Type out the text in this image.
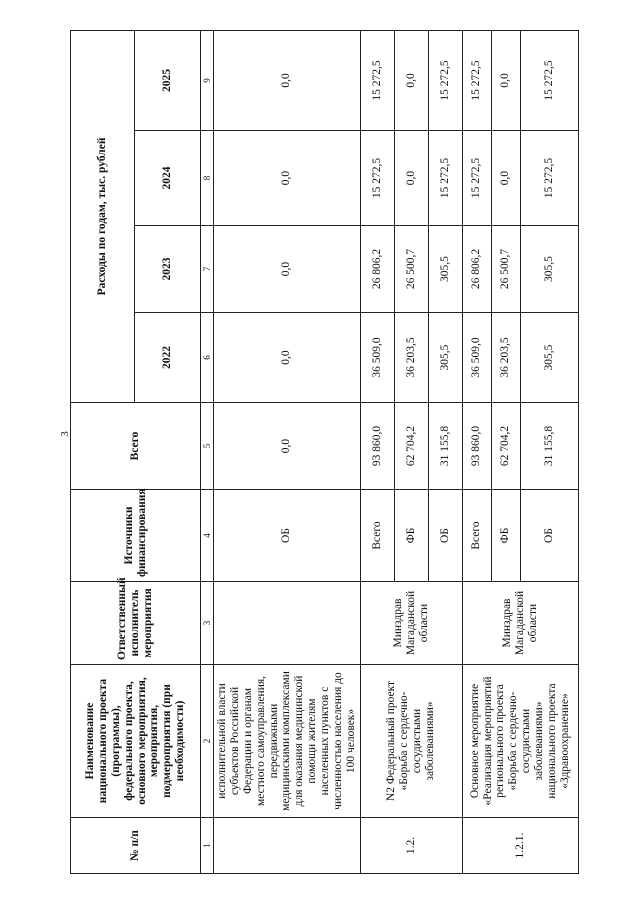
3
№ п/п	Наименование национального проекта (программы), федерального проекта, основного мероприятия, мероприятия, подмероприятия (при необходимости)	Ответственный исполнитель мероприятия	Источники финансирования	Всего	Расходы по годам, тыс. рублей			
					2022	2023	2024	2025
1	2	3	4	5	6	7	8	9
	исполнительной власти субъектов Российской Федерации и органам местного самоуправления, передвижными медицинскими комплексами для оказания медицинской помощи жителям населенных пунктов с численностью населения до 100 человек»		ОБ	0,0	0,0	0,0	0,0	0,0
1.2.	N2 Федеральный проект «Борьба с сердечно-сосудистыми заболеваниями»	Минздрав Магаданской области	Всего	93 860,0	36 509,0	26 806,2	15 272,5	15 272,5
			ФБ	62 704,2	36 203,5	26 500,7	0,0	0,0
			ОБ	31 155,8	305,5	305,5	15 272,5	15 272,5
1.2.1.	Основное мероприятие «Реализация мероприятий регионального проекта «Борьба с сердечно-сосудистыми заболеваниями» национального проекта «Здравоохранение»	Минздрав Магаданской области	Всего	93 860,0	36 509,0	26 806,2	15 272,5	15 272,5
			ФБ	62 704,2	36 203,5	26 500,7	0,0	0,0
			ОБ	31 155,8	305,5	305,5	15 272,5	15 272,5
